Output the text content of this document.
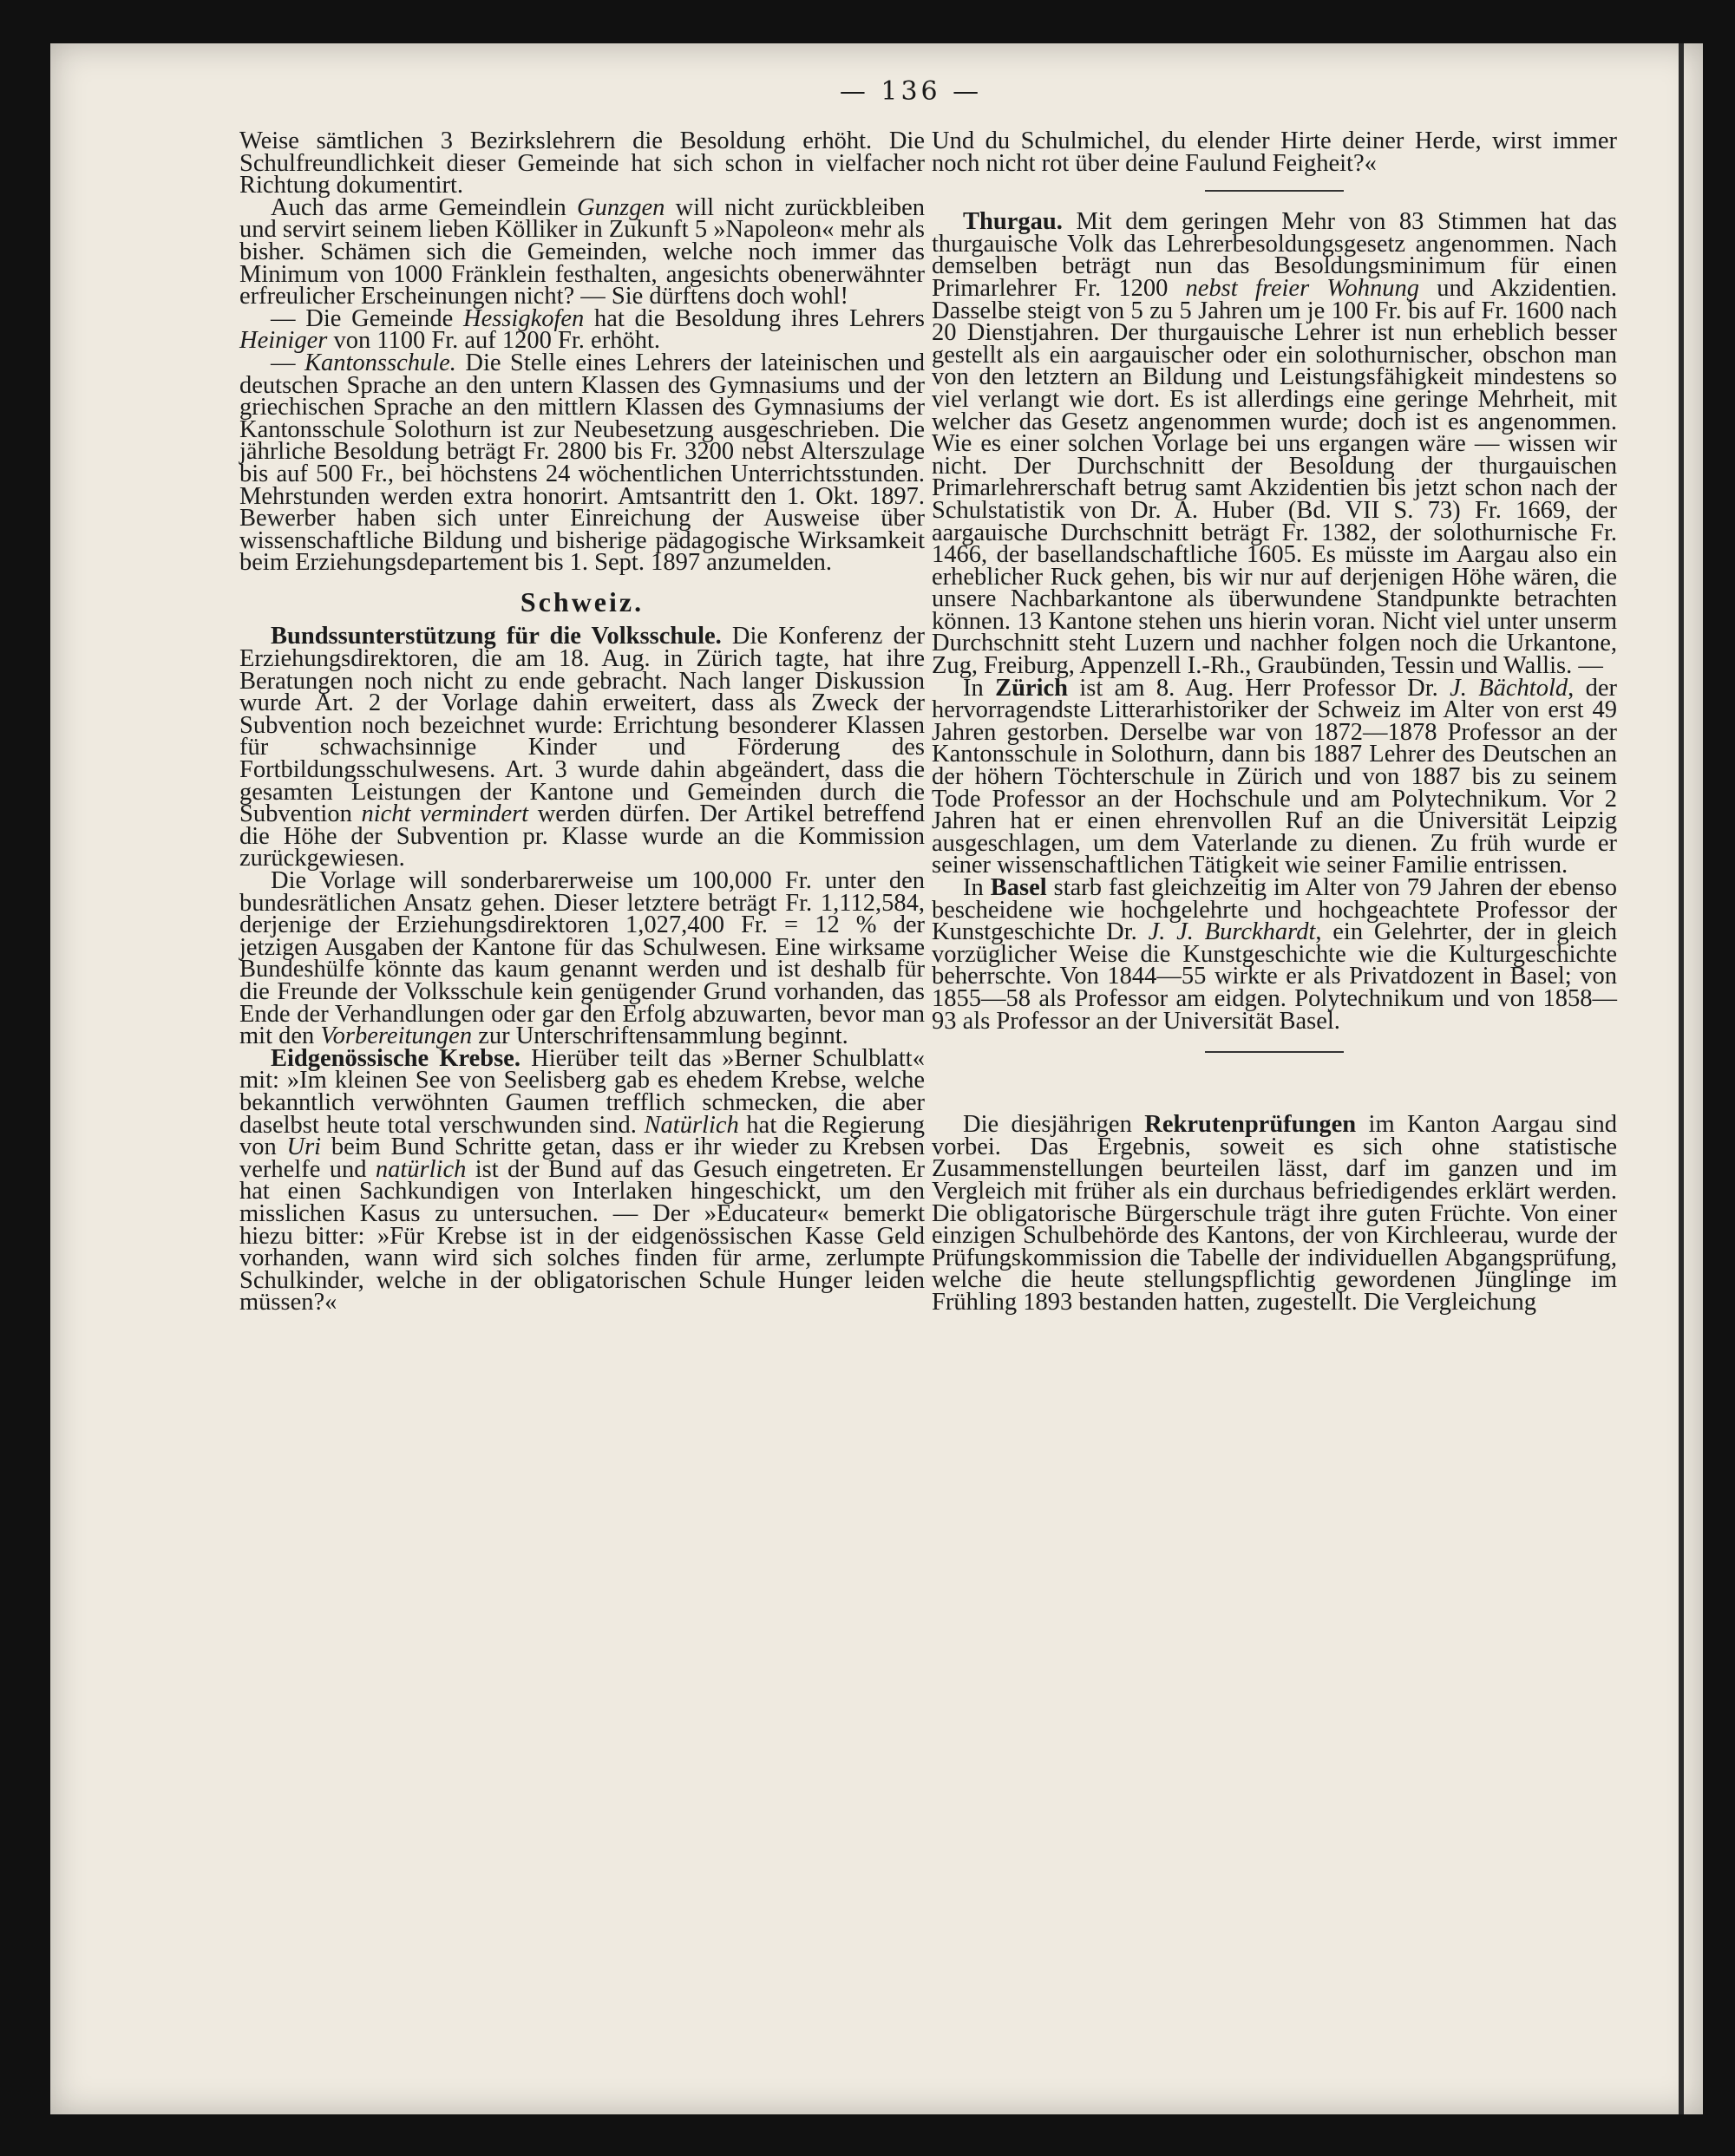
— 136 —

Weise sämtlichen 3 Bezirkslehrern die Besoldung erhöht. Die Schulfreundlichkeit dieser Gemeinde hat sich schon in vielfacher Richtung dokumentirt.

Auch das arme Gemeindlein Gunzgen will nicht zurückbleiben und servirt seinem lieben Kölliker in Zukunft 5 »Napoleon« mehr als bisher. Schämen sich die Gemeinden, welche noch immer das Minimum von 1000 Fränklein festhalten, angesichts obenerwähnter erfreulicher Erscheinungen nicht? — Sie dürftens doch wohl!

— Die Gemeinde Hessigkofen hat die Besoldung ihres Lehrers Heiniger von 1100 Fr. auf 1200 Fr. erhöht.

— Kantonsschule. Die Stelle eines Lehrers der lateinischen und deutschen Sprache an den untern Klassen des Gymnasiums und der griechischen Sprache an den mittlern Klassen des Gymnasiums der Kantonsschule Solothurn ist zur Neubesetzung ausgeschrieben. Die jährliche Besoldung beträgt Fr. 2800 bis Fr. 3200 nebst Alterszulage bis auf 500 Fr., bei höchstens 24 wöchentlichen Unterrichtsstunden. Mehrstunden werden extra honorirt. Amtsantritt den 1. Okt. 1897. Bewerber haben sich unter Einreichung der Ausweise über wissenschaftliche Bildung und bisherige pädagogische Wirksamkeit beim Erziehungsdepartement bis 1. Sept. 1897 anzumelden.

Schweiz.

Bundssunterstützung für die Volksschule. Die Konferenz der Erziehungsdirektoren, die am 18. Aug. in Zürich tagte, hat ihre Beratungen noch nicht zu ende gebracht. Nach langer Diskussion wurde Art. 2 der Vorlage dahin erweitert, dass als Zweck der Subvention noch bezeichnet wurde: Errichtung besonderer Klassen für schwachsinnige Kinder und Förderung des Fortbildungsschulwesens. Art. 3 wurde dahin abgeändert, dass die gesamten Leistungen der Kantone und Gemeinden durch die Subvention nicht vermindert werden dürfen. Der Artikel betreffend die Höhe der Subvention pr. Klasse wurde an die Kommission zurückgewiesen.

Die Vorlage will sonderbarerweise um 100,000 Fr. unter den bundesrätlichen Ansatz gehen. Dieser letztere beträgt Fr. 1,112,584, derjenige der Erziehungsdirektoren 1,027,400 Fr. = 12 % der jetzigen Ausgaben der Kantone für das Schulwesen. Eine wirksame Bundeshülfe könnte das kaum genannt werden und ist deshalb für die Freunde der Volksschule kein genügender Grund vorhanden, das Ende der Verhandlungen oder gar den Erfolg abzuwarten, bevor man mit den Vorbereitungen zur Unterschriftensammlung beginnt.

Eidgenössische Krebse. Hierüber teilt das »Berner Schulblatt« mit: »Im kleinen See von Seelisberg gab es ehedem Krebse, welche bekanntlich verwöhnten Gaumen trefflich schmecken, die aber daselbst heute total verschwunden sind. Natürlich hat die Regierung von Uri beim Bund Schritte getan, dass er ihr wieder zu Krebsen verhelfe und natürlich ist der Bund auf das Gesuch eingetreten. Er hat einen Sachkundigen von Interlaken hingeschickt, um den misslichen Kasus zu untersuchen. — Der »Educateur« bemerkt hiezu bitter: »Für Krebse ist in der eidgenössischen Kasse Geld vorhanden, wann wird sich solches finden für arme, zerlumpte Schulkinder, welche in der obligatorischen Schule Hunger leiden müssen?«

Und du Schulmichel, du elender Hirte deiner Herde, wirst immer noch nicht rot über deine Faulund Feigheit?«

Thurgau. Mit dem geringen Mehr von 83 Stimmen hat das thurgauische Volk das Lehrerbesoldungsgesetz angenommen. Nach demselben beträgt nun das Besoldungsminimum für einen Primarlehrer Fr. 1200 nebst freier Wohnung und Akzidentien. Dasselbe steigt von 5 zu 5 Jahren um je 100 Fr. bis auf Fr. 1600 nach 20 Dienstjahren. Der thurgauische Lehrer ist nun erheblich besser gestellt als ein aargauischer oder ein solothurnischer, obschon man von den letztern an Bildung und Leistungsfähigkeit mindestens so viel verlangt wie dort. Es ist allerdings eine geringe Mehrheit, mit welcher das Gesetz angenommen wurde; doch ist es angenommen. Wie es einer solchen Vorlage bei uns ergangen wäre — wissen wir nicht. Der Durchschnitt der Besoldung der thurgauischen Primarlehrerschaft betrug samt Akzidentien bis jetzt schon nach der Schulstatistik von Dr. A. Huber (Bd. VII S. 73) Fr. 1669, der aargauische Durchschnitt beträgt Fr. 1382, der solothurnische Fr. 1466, der basellandschaftliche 1605. Es müsste im Aargau also ein erheblicher Ruck gehen, bis wir nur auf derjenigen Höhe wären, die unsere Nachbarkantone als überwundene Standpunkte betrachten können. 13 Kantone stehen uns hierin voran. Nicht viel unter unserm Durchschnitt steht Luzern und nachher folgen noch die Urkantone, Zug, Freiburg, Appenzell I.-Rh., Graubünden, Tessin und Wallis. —

In Zürich ist am 8. Aug. Herr Professor Dr. J. Bächtold, der hervorragendste Litterarhistoriker der Schweiz im Alter von erst 49 Jahren gestorben. Derselbe war von 1872—1878 Professor an der Kantonsschule in Solothurn, dann bis 1887 Lehrer des Deutschen an der höhern Töchterschule in Zürich und von 1887 bis zu seinem Tode Professor an der Hochschule und am Polytechnikum. Vor 2 Jahren hat er einen ehrenvollen Ruf an die Universität Leipzig ausgeschlagen, um dem Vaterlande zu dienen. Zu früh wurde er seiner wissenschaftlichen Tätigkeit wie seiner Familie entrissen.

In Basel starb fast gleichzeitig im Alter von 79 Jahren der ebenso bescheidene wie hochgelehrte und hochgeachtete Professor der Kunstgeschichte Dr. J. J. Burckhardt, ein Gelehrter, der in gleich vorzüglicher Weise die Kunstgeschichte wie die Kulturgeschichte beherrschte. Von 1844—55 wirkte er als Privatdozent in Basel; von 1855—58 als Professor am eidgen. Polytechnikum und von 1858—93 als Professor an der Universität Basel.

Die diesjährigen Rekrutenprüfungen im Kanton Aargau sind vorbei. Das Ergebnis, soweit es sich ohne statistische Zusammenstellungen beurteilen lässt, darf im ganzen und im Vergleich mit früher als ein durchaus befriedigendes erklärt werden. Die obligatorische Bürgerschule trägt ihre guten Früchte. Von einer einzigen Schulbehörde des Kantons, der von Kirchleerau, wurde der Prüfungskommission die Tabelle der individuellen Abgangsprüfung, welche die heute stellungspflichtig gewordenen Jünglinge im Frühling 1893 bestanden hatten, zugestellt. Die Vergleichung
